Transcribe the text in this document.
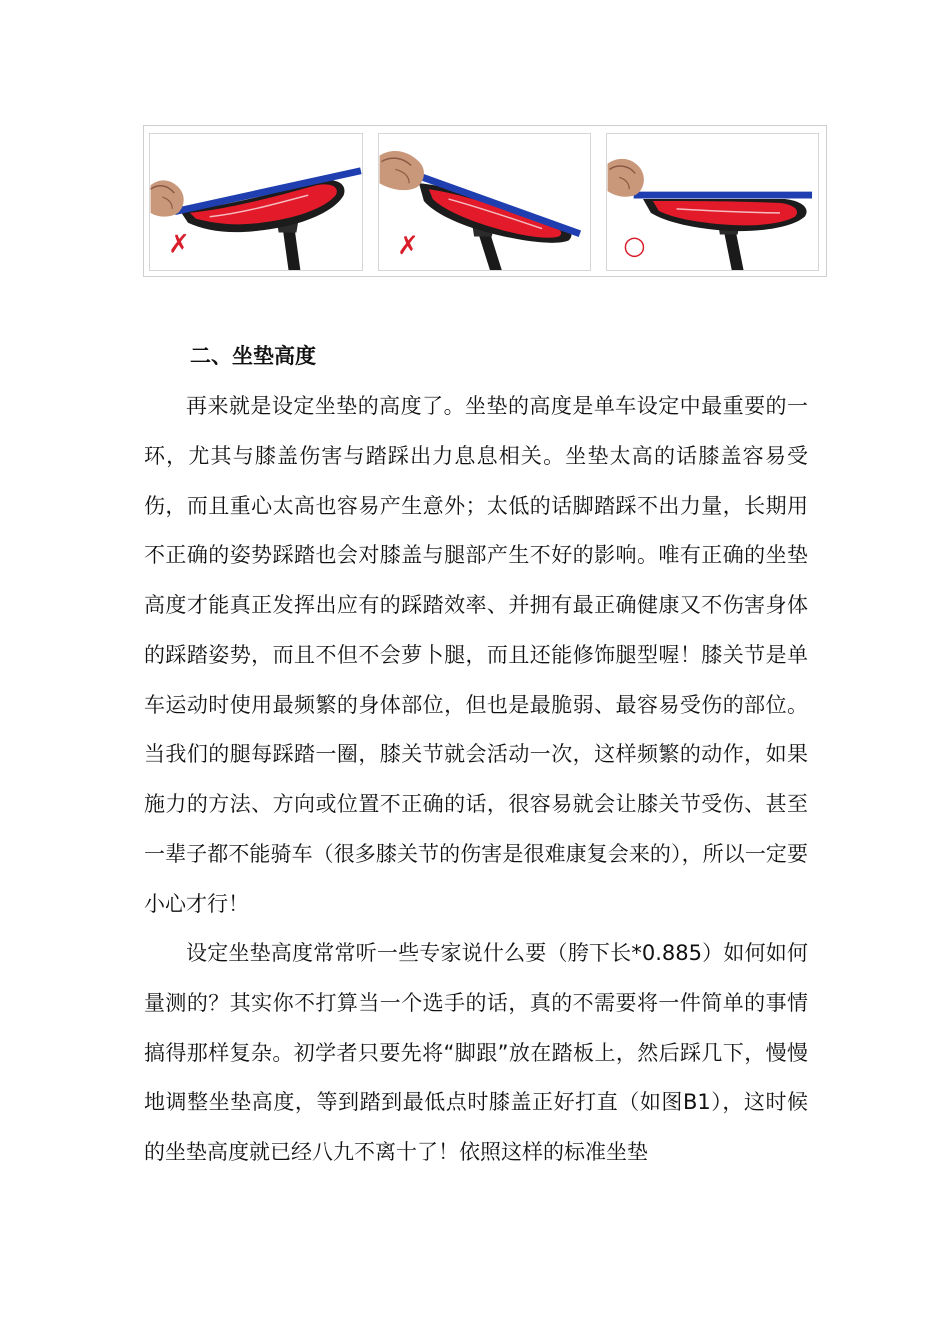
✗	✗	○
二、坐垫高度

再来就是设定坐垫的高度了。坐垫的高度是单车设定中最重要的一环，尤其与膝盖伤害与踏踩出力息息相关。坐垫太高的话膝盖容易受伤，而且重心太高也容易产生意外；太低的话脚踏踩不出力量，长期用不正确的姿势踩踏也会对膝盖与腿部产生不好的影响。唯有正确的坐垫高度才能真正发挥出应有的踩踏效率、并拥有最正确健康又不伤害身体的踩踏姿势，而且不但不会萝卜腿，而且还能修饰腿型喔！膝关节是单车运动时使用最频繁的身体部位，但也是最脆弱、最容易受伤的部位。当我们的腿每踩踏一圈，膝关节就会活动一次，这样频繁的动作，如果施力的方法、方向或位置不正确的话，很容易就会让膝关节受伤、甚至一辈子都不能骑车（很多膝关节的伤害是很难康复会来的），所以一定要小心才行！

设定坐垫高度常常听一些专家说什么要（胯下长*0.885）如何如何量测的？其实你不打算当一个选手的话，真的不需要将一件简单的事情搞得那样复杂。初学者只要先将“脚跟”放在踏板上，然后踩几下，慢慢地调整坐垫高度，等到踏到最低点时膝盖正好打直（如图B1），这时候的坐垫高度就已经八九不离十了！依照这样的标准坐垫
